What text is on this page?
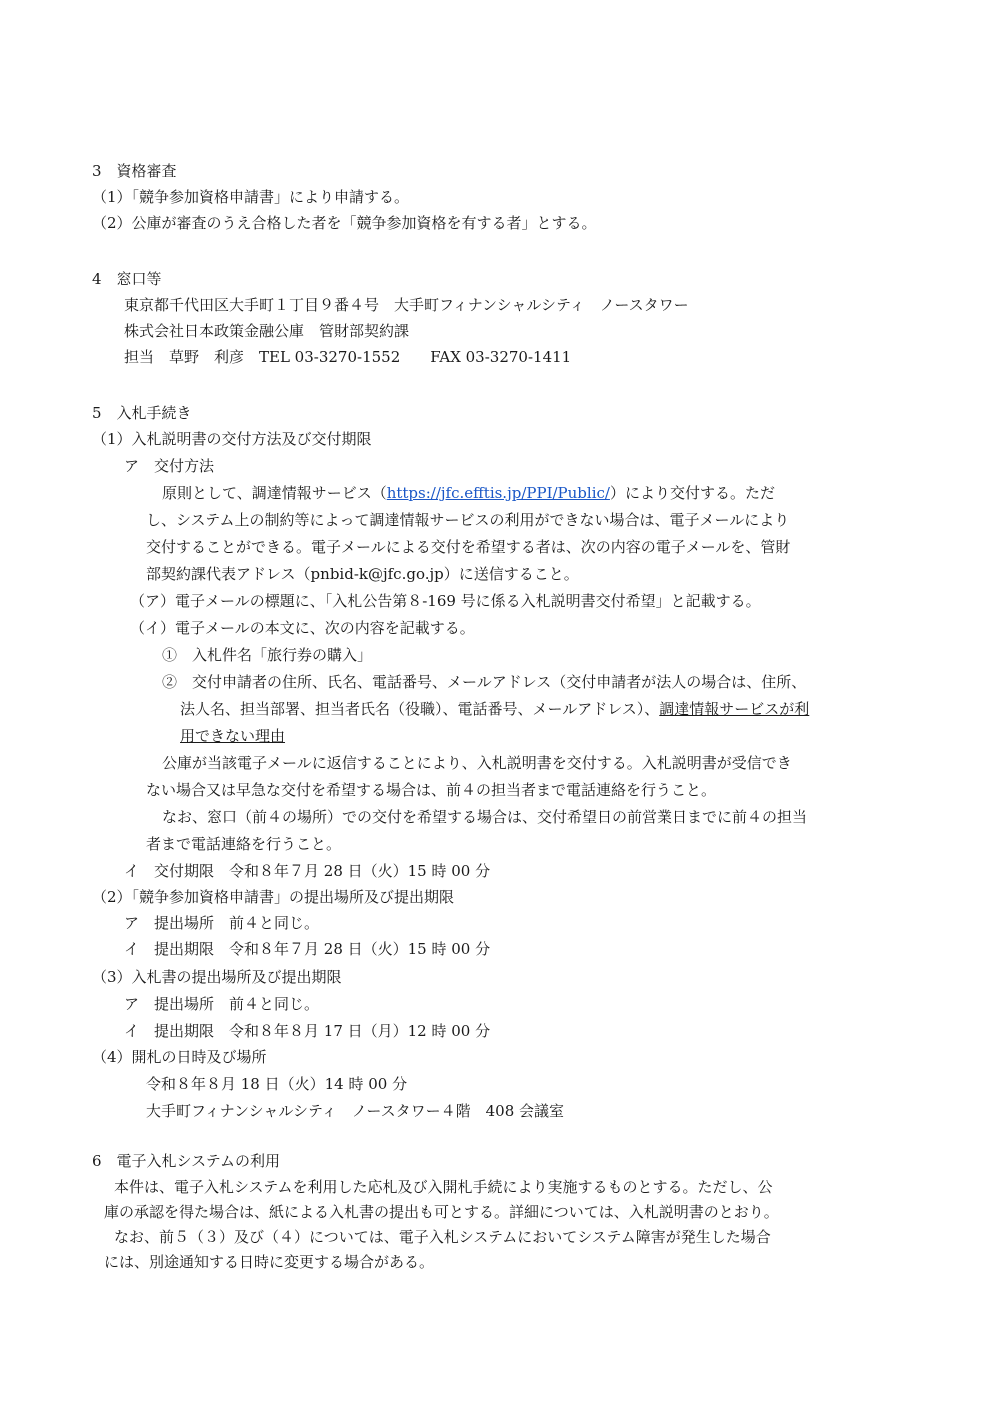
3　資格審査
（1）「競争参加資格申請書」により申請する。
（2）公庫が審査のうえ合格した者を「競争参加資格を有する者」とする。
4　窓口等
東京都千代田区大手町１丁目９番４号　大手町フィナンシャルシティ　ノースタワー
株式会社日本政策金融公庫　管財部契約課
担当　草野　利彦　TEL 03-3270-1552　　FAX 03-3270-1411
5　入札手続き
（1）入札説明書の交付方法及び交付期限
ア　交付方法
原則として、調達情報サービス（https://jfc.efftis.jp/PPI/Public/）により交付する。ただ
し、システム上の制約等によって調達情報サービスの利用ができない場合は、電子メールにより
交付することができる。電子メールによる交付を希望する者は、次の内容の電子メールを、管財
部契約課代表アドレス（pnbid-k@jfc.go.jp）に送信すること。
（ア）電子メールの標題に、「入札公告第８-169 号に係る入札説明書交付希望」と記載する。
（イ）電子メールの本文に、次の内容を記載する。
①　入札件名「旅行券の購入」
②　交付申請者の住所、氏名、電話番号、メールアドレス（交付申請者が法人の場合は、住所、
法人名、担当部署、担当者氏名（役職）、電話番号、メールアドレス）、調達情報サービスが利
用できない理由
公庫が当該電子メールに返信することにより、入札説明書を交付する。入札説明書が受信でき
ない場合又は早急な交付を希望する場合は、前４の担当者まで電話連絡を行うこと。
なお、窓口（前４の場所）での交付を希望する場合は、交付希望日の前営業日までに前４の担当
者まで電話連絡を行うこと。
イ　交付期限　令和８年７月 28 日（火）15 時 00 分
（2）「競争参加資格申請書」の提出場所及び提出期限
ア　提出場所　前４と同じ。
イ　提出期限　令和８年７月 28 日（火）15 時 00 分
（3）入札書の提出場所及び提出期限
ア　提出場所　前４と同じ。
イ　提出期限　令和８年８月 17 日（月）12 時 00 分
（4）開札の日時及び場所
令和８年８月 18 日（火）14 時 00 分
大手町フィナンシャルシティ　ノースタワー４階　408 会議室
6　電子入札システムの利用
本件は、電子入札システムを利用した応札及び入開札手続により実施するものとする。ただし、公
庫の承認を得た場合は、紙による入札書の提出も可とする。詳細については、入札説明書のとおり。
なお、前５（３）及び（４）については、電子入札システムにおいてシステム障害が発生した場合
には、別途通知する日時に変更する場合がある。
